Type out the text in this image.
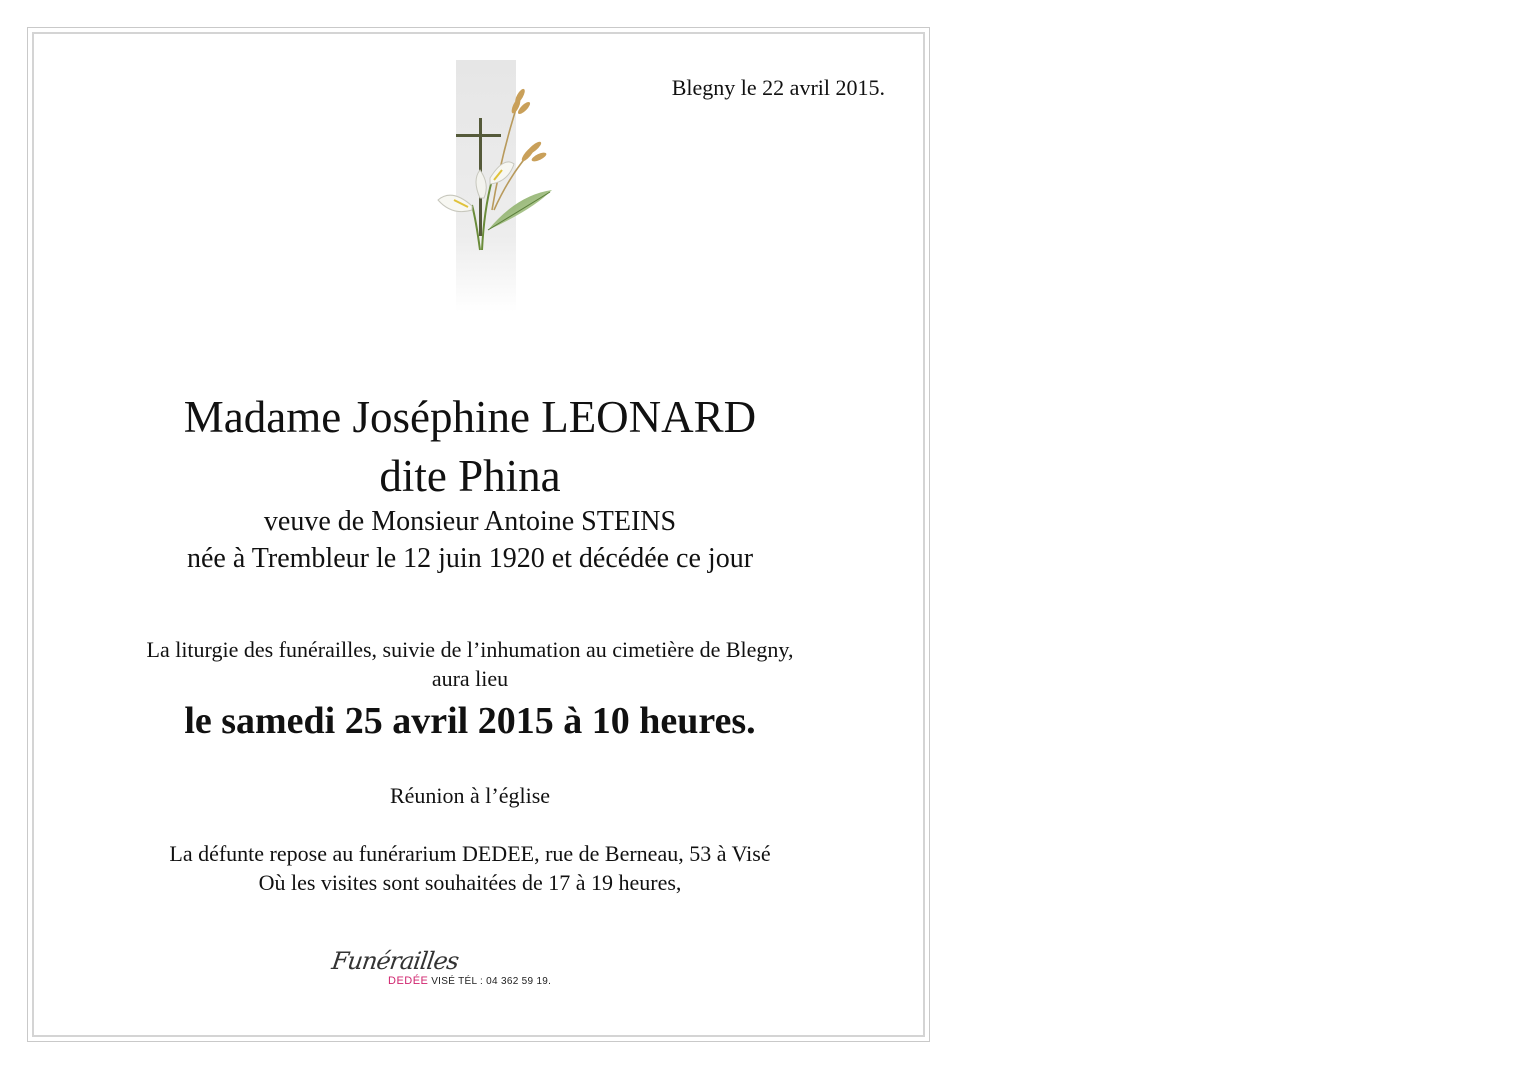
Blegny le 22 avril 2015.
Madame Joséphine LEONARD
dite Phina
veuve de Monsieur Antoine STEINS
née à Trembleur le 12 juin 1920 et décédée ce jour
La liturgie des funérailles, suivie de l’inhumation au cimetière de Blegny,
aura lieu
le samedi 25 avril 2015 à 10 heures.
Réunion à l’église
La défunte repose au funérarium DEDEE, rue de Berneau, 53 à Visé
Où les visites sont souhaitées de 17 à 19 heures,
Funérailles
DEDÉE VISÉ TÉL : 04 362 59 19.
